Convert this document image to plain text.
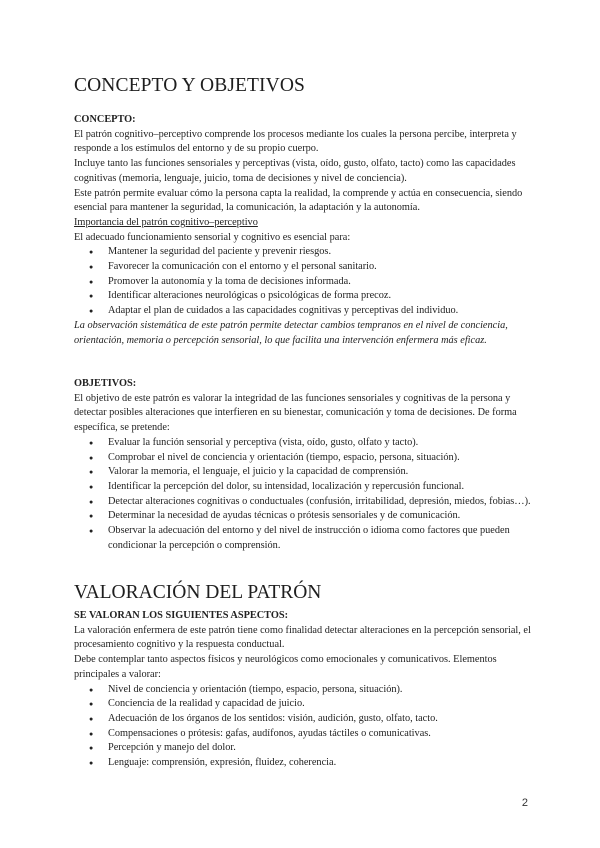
CONCEPTO Y OBJETIVOS

CONCEPTO:

El patrón cognitivo–perceptivo comprende los procesos mediante los cuales la persona percibe, interpreta y responde a los estímulos del entorno y de su propio cuerpo.

Incluye tanto las funciones sensoriales y perceptivas (vista, oído, gusto, olfato, tacto) como las capacidades cognitivas (memoria, lenguaje, juicio, toma de decisiones y nivel de conciencia).

Este patrón permite evaluar cómo la persona capta la realidad, la comprende y actúa en consecuencia, siendo esencial para mantener la seguridad, la comunicación, la adaptación y la autonomía.

Importancia del patrón cognitivo–perceptivo

El adecuado funcionamiento sensorial y cognitivo es esencial para:

● Mantener la seguridad del paciente y prevenir riesgos.
● Favorecer la comunicación con el entorno y el personal sanitario.
● Promover la autonomía y la toma de decisiones informada.
● Identificar alteraciones neurológicas o psicológicas de forma precoz.
● Adaptar el plan de cuidados a las capacidades cognitivas y perceptivas del individuo.

La observación sistemática de este patrón permite detectar cambios tempranos en el nivel de conciencia, orientación, memoria o percepción sensorial, lo que facilita una intervención enfermera más eficaz.

OBJETIVOS:

El objetivo de este patrón es valorar la integridad de las funciones sensoriales y cognitivas de la persona y detectar posibles alteraciones que interfieren en su bienestar, comunicación y toma de decisiones. De forma específica, se pretende:

● Evaluar la función sensorial y perceptiva (vista, oído, gusto, olfato y tacto).
● Comprobar el nivel de conciencia y orientación (tiempo, espacio, persona, situación).
● Valorar la memoria, el lenguaje, el juicio y la capacidad de comprensión.
● Identificar la percepción del dolor, su intensidad, localización y repercusión funcional.
● Detectar alteraciones cognitivas o conductuales (confusión, irritabilidad, depresión, miedos, fobias…).
● Determinar la necesidad de ayudas técnicas o prótesis sensoriales y de comunicación.
● Observar la adecuación del entorno y del nivel de instrucción o idioma como factores que pueden condicionar la percepción o comprensión.
VALORACIÓN DEL PATRÓN

SE VALORAN LOS SIGUIENTES ASPECTOS:

La valoración enfermera de este patrón tiene como finalidad detectar alteraciones en la percepción sensorial, el procesamiento cognitivo y la respuesta conductual.

Debe contemplar tanto aspectos físicos y neurológicos como emocionales y comunicativos. Elementos principales a valorar:

● Nivel de conciencia y orientación (tiempo, espacio, persona, situación).
● Conciencia de la realidad y capacidad de juicio.
● Adecuación de los órganos de los sentidos: visión, audición, gusto, olfato, tacto.
● Compensaciones o prótesis: gafas, audífonos, ayudas táctiles o comunicativas.
● Percepción y manejo del dolor.
● Lenguaje: comprensión, expresión, fluidez, coherencia.
2
